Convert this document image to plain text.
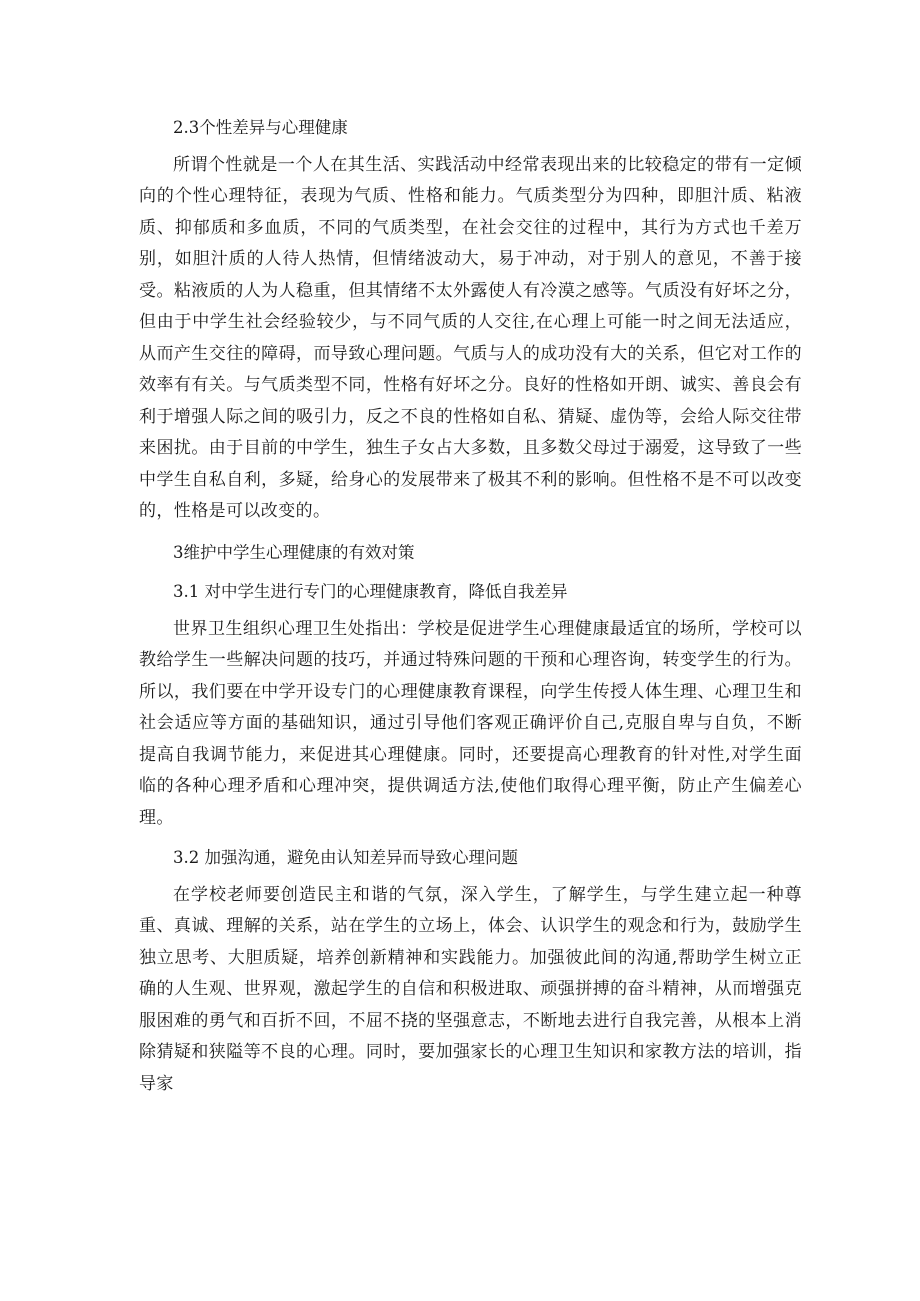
2.3个性差异与心理健康

所谓个性就是一个人在其生活、实践活动中经常表现出来的比较稳定的带有一定倾向的个性心理特征，表现为气质、性格和能力。气质类型分为四种，即胆汁质、粘液质、抑郁质和多血质，不同的气质类型，在社会交往的过程中，其行为方式也千差万别，如胆汁质的人待人热情，但情绪波动大，易于冲动，对于别人的意见，不善于接受。粘液质的人为人稳重，但其情绪不太外露使人有冷漠之感等。气质没有好坏之分，但由于中学生社会经验较少，与不同气质的人交往,在心理上可能一时之间无法适应，从而产生交往的障碍，而导致心理问题。气质与人的成功没有大的关系，但它对工作的效率有有关。与气质类型不同，性格有好坏之分。良好的性格如开朗、诚实、善良会有利于增强人际之间的吸引力，反之不良的性格如自私、猜疑、虚伪等，会给人际交往带来困扰。由于目前的中学生，独生子女占大多数，且多数父母过于溺爱，这导致了一些中学生自私自利，多疑，给身心的发展带来了极其不利的影响。但性格不是不可以改变的，性格是可以改变的。

3维护中学生心理健康的有效对策

3.1 对中学生进行专门的心理健康教育，降低自我差异

世界卫生组织心理卫生处指出：学校是促进学生心理健康最适宜的场所，学校可以教给学生一些解决问题的技巧，并通过特殊问题的干预和心理咨询，转变学生的行为。所以，我们要在中学开设专门的心理健康教育课程，向学生传授人体生理、心理卫生和社会适应等方面的基础知识，通过引导他们客观正确评价自己,克服自卑与自负，不断提高自我调节能力，来促进其心理健康。同时，还要提高心理教育的针对性,对学生面临的各种心理矛盾和心理冲突，提供调适方法,使他们取得心理平衡，防止产生偏差心理。

3.2 加强沟通，避免由认知差异而导致心理问题

在学校老师要创造民主和谐的气氛，深入学生，了解学生，与学生建立起一种尊重、真诚、理解的关系，站在学生的立场上，体会、认识学生的观念和行为，鼓励学生独立思考、大胆质疑，培养创新精神和实践能力。加强彼此间的沟通,帮助学生树立正确的人生观、世界观，激起学生的自信和积极进取、顽强拼搏的奋斗精神，从而增强克服困难的勇气和百折不回，不屈不挠的坚强意志，不断地去进行自我完善，从根本上消除猜疑和狭隘等不良的心理。同时，要加强家长的心理卫生知识和家教方法的培训，指导家
